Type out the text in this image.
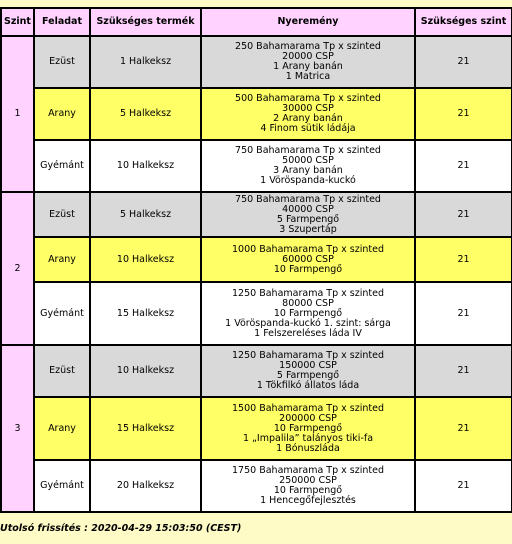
Szint	Feladat	Szükséges termék	Nyeremény	Szükséges szint
1	Ezüst	1 Halkeksz	250 Bahamarama Tp x szinted
20000 CSP
1 Arany banán
1 Matrica	21
	Arany	5 Halkeksz	500 Bahamarama Tp x szinted
30000 CSP
2 Arany banán
4 Finom sütik ládája	21
	Gyémánt	10 Halkeksz	750 Bahamarama Tp x szinted
50000 CSP
3 Arany banán
1 Vöröspanda-kuckó	21
2	Ezüst	5 Halkeksz	750 Bahamarama Tp x szinted
40000 CSP
5 Farmpengő
3 Szupertáp	21
	Arany	10 Halkeksz	1000 Bahamarama Tp x szinted
60000 CSP
10 Farmpengő	21
	Gyémánt	15 Halkeksz	1250 Bahamarama Tp x szinted
80000 CSP
10 Farmpengő
1 Vöröspanda-kuckó 1. szint: sárga
1 Felszereléses láda IV	21
3	Ezüst	10 Halkeksz	1250 Bahamarama Tp x szinted
150000 CSP
5 Farmpengő
1 Tökfilkó állatos láda	21
	Arany	15 Halkeksz	1500 Bahamarama Tp x szinted
200000 CSP
10 Farmpengő
1 „Impalila” talányos tiki-fa
1 Bónuszláda	21
	Gyémánt	20 Halkeksz	1750 Bahamarama Tp x szinted
250000 CSP
10 Farmpengő
1 Hencegőfejlesztés	21
Utolsó frissítés : 2020-04-29 15:03:50 (CEST)
